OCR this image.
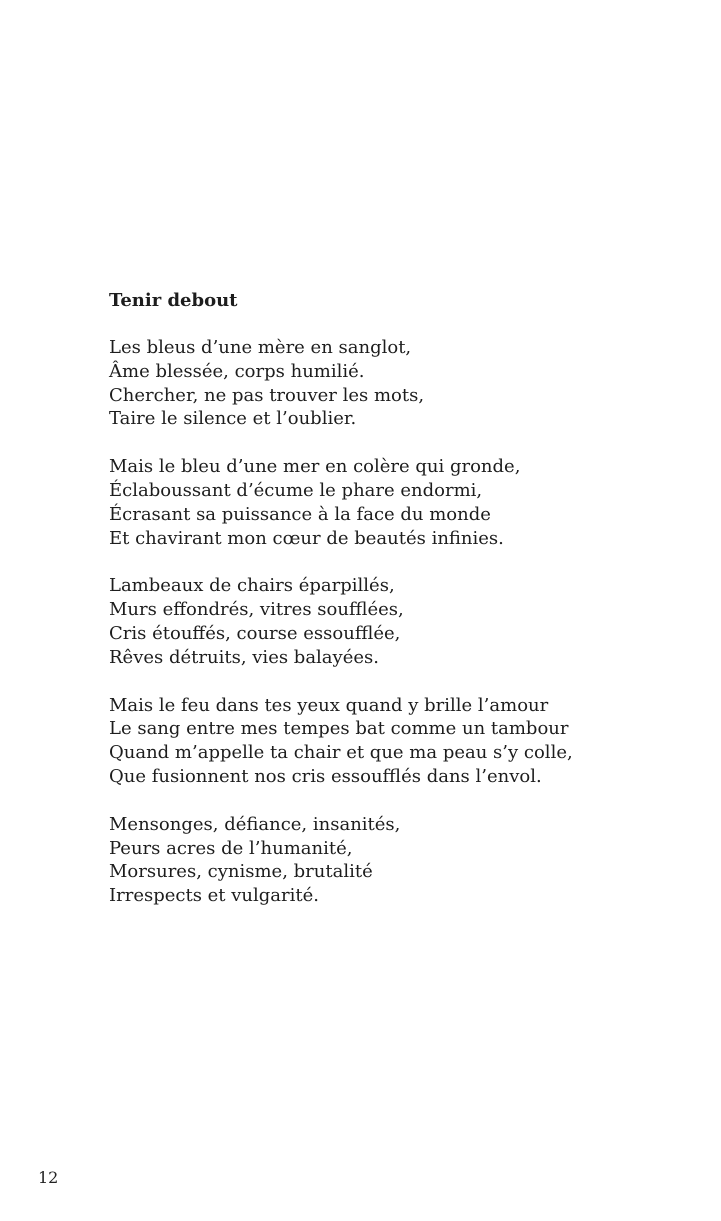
Tenir debout
Les bleus d’une mère en sanglot,
Âme blessée, corps humilié.
Chercher, ne pas trouver les mots,
Taire le silence et l’oublier.
Mais le bleu d’une mer en colère qui gronde,
Éclaboussant d’écume le phare endormi,
Écrasant sa puissance à la face du monde
Et chavirant mon cœur de beautés infinies.
Lambeaux de chairs éparpillés,
Murs effondrés, vitres soufflées,
Cris étouffés, course essoufflée,
Rêves détruits, vies balayées.
Mais le feu dans tes yeux quand y brille l’amour
Le sang entre mes tempes bat comme un tambour
Quand m’appelle ta chair et que ma peau s’y colle,
Que fusionnent nos cris essoufflés dans l’envol.
Mensonges, défiance, insanités,
Peurs acres de l’humanité,
Morsures, cynisme, brutalité
Irrespects et vulgarité.
12
